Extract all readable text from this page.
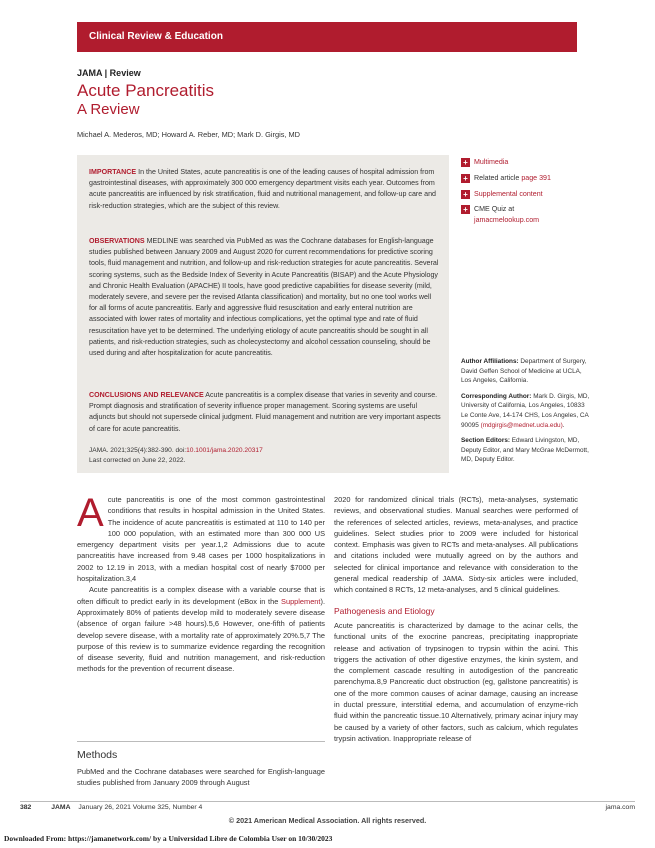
Clinical Review & Education
JAMA | Review
Acute Pancreatitis
A Review
Michael A. Mederos, MD; Howard A. Reber, MD; Mark D. Girgis, MD

IMPORTANCE In the United States, acute pancreatitis is one of the leading causes of hospital admission from gastrointestinal diseases, with approximately 300 000 emergency department visits each year. Outcomes from acute pancreatitis are influenced by risk stratification, fluid and nutritional management, and follow-up care and risk-reduction strategies, which are the subject of this review.

OBSERVATIONS MEDLINE was searched via PubMed as was the Cochrane databases for English-language studies published between January 2009 and August 2020 for current recommendations for predictive scoring tools, fluid management and nutrition, and follow-up and risk-reduction strategies for acute pancreatitis. Several scoring systems, such as the Bedside Index of Severity in Acute Pancreatitis (BISAP) and the Acute Physiology and Chronic Health Evaluation (APACHE) II tools, have good predictive capabilities for disease severity (mild, moderately severe, and severe per the revised Atlanta classification) and mortality, but no one tool works well for all forms of acute pancreatitis. Early and aggressive fluid resuscitation and early enteral nutrition are associated with lower rates of mortality and infectious complications, yet the optimal type and rate of fluid resuscitation have yet to be determined. The underlying etiology of acute pancreatitis should be sought in all patients, and risk-reduction strategies, such as cholecystectomy and alcohol cessation counseling, should be used during and after hospitalization for acute pancreatitis.

CONCLUSIONS AND RELEVANCE Acute pancreatitis is a complex disease that varies in severity and course. Prompt diagnosis and stratification of severity influence proper management. Scoring systems are useful adjuncts but should not supersede clinical judgment. Fluid management and nutrition are very important aspects of care for acute pancreatitis.

JAMA. 2021;325(4):382-390. doi:10.1001/jama.2020.20317
Last corrected on June 22, 2022.

+ Multimedia
+ Related article page 391
+ Supplemental content
+ CME Quiz at
jamacmelookup.com
Author Affiliations: Department of Surgery, David Geffen School of Medicine at UCLA, Los Angeles, California.
Corresponding Author: Mark D. Girgis, MD, University of California, Los Angeles, 10833 Le Conte Ave, 14-174 CHS, Los Angeles, CA 90095 (mdgirgis@mednet.ucla.edu).
Section Editors: Edward Livingston, MD, Deputy Editor, and Mary McGrae McDermott, MD, Deputy Editor.

Acute pancreatitis is one of the most common gastrointestinal conditions that results in hospital admission in the United States. The incidence of acute pancreatitis is estimated at 110 to 140 per 100 000 population, with an estimated more than 300 000 US emergency department visits per year.1,2 Admissions due to acute pancreatitis have increased from 9.48 cases per 1000 hospitalizations in 2002 to 12.19 in 2013, with a median hospital cost of nearly $7000 per hospitalization.3,4

Acute pancreatitis is a complex disease with a variable course that is often difficult to predict early in its development (eBox in the Supplement). Approximately 80% of patients develop mild to moderately severe disease (absence of organ failure >48 hours).5,6 However, one-fifth of patients develop severe disease, with a mortality rate of approximately 20%.5,7 The purpose of this review is to summarize evidence regarding the recognition of disease severity, fluid and nutrition management, and risk-reduction methods for the prevention of recurrent disease.

Methods
PubMed and the Cochrane databases were searched for English-language studies published from January 2009 through August

2020 for randomized clinical trials (RCTs), meta-analyses, systematic reviews, and observational studies. Manual searches were performed of the references of selected articles, reviews, meta-analyses, and practice guidelines. Select studies prior to 2009 were included for historical context. Emphasis was given to RCTs and meta-analyses. All publications and citations included were mutually agreed on by the authors and selected for clinical importance and relevance with consideration to the general medical readership of JAMA. Sixty-six articles were included, which contained 8 RCTs, 12 meta-analyses, and 5 clinical guidelines.

Pathogenesis and Etiology

Acute pancreatitis is characterized by damage to the acinar cells, the functional units of the exocrine pancreas, precipitating inappropriate release and activation of trypsinogen to trypsin within the acini. This triggers the activation of other digestive enzymes, the kinin system, and the complement cascade resulting in autodigestion of the pancreatic parenchyma.8,9 Pancreatic duct obstruction (eg, gallstone pancreatitis) is one of the more common causes of acinar damage, causing an increase in ductal pressure, interstitial edema, and accumulation of enzyme-rich fluid within the pancreatic tissue.10 Alternatively, primary acinar injury may be caused by a variety of other factors, such as calcium, which regulates trypsin activation. Inappropriate release of

382	JAMA January 26, 2021 Volume 325, Number 4	jama.com
© 2021 American Medical Association. All rights reserved.
Downloaded From: https://jamanetwork.com/ by a Universidad Libre de Colombia User on 10/30/2023
